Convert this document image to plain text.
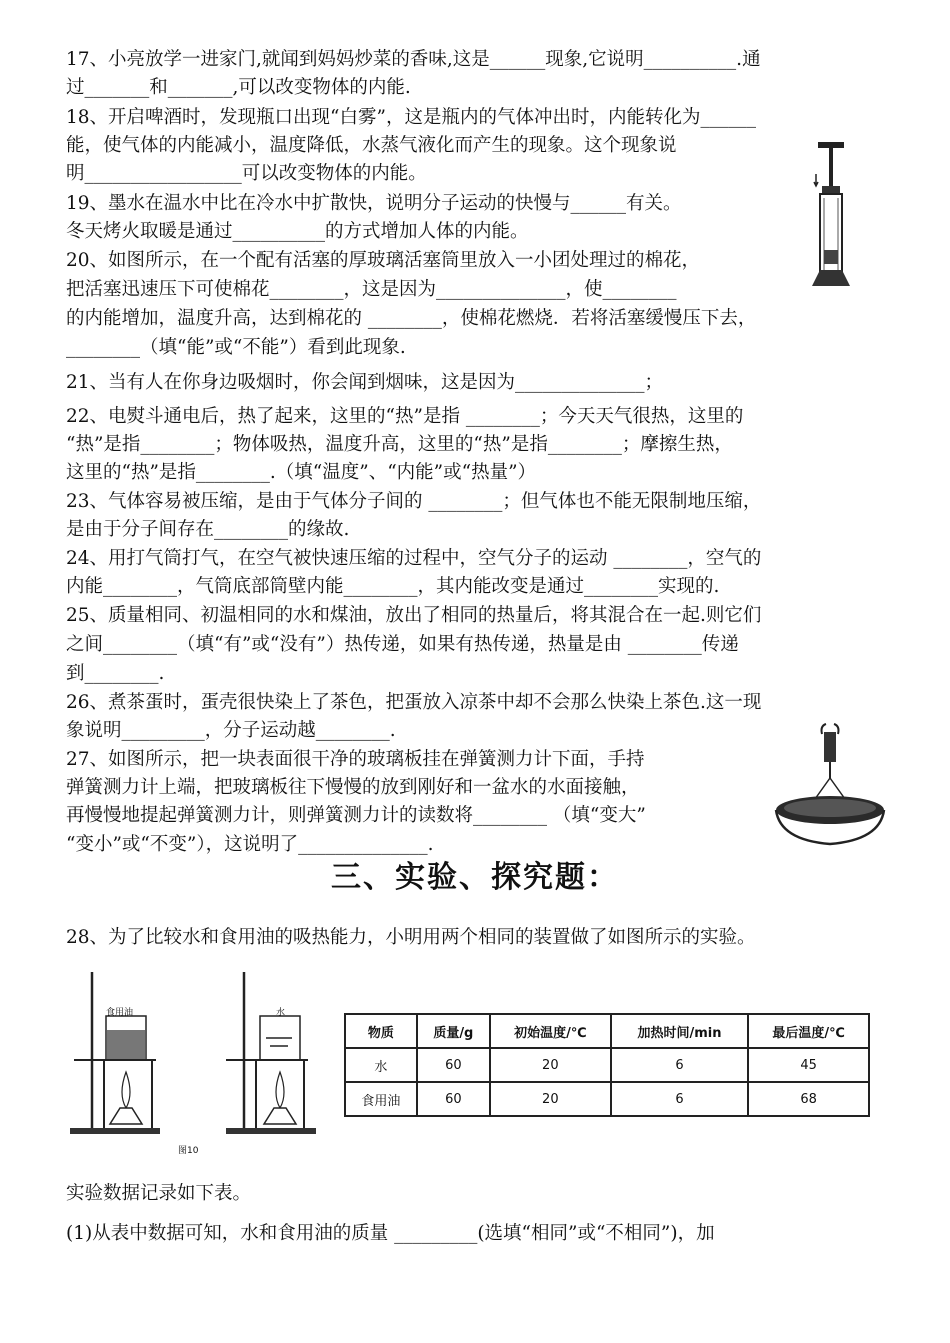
17、小亮放学一进家门,就闻到妈妈炒菜的香味,这是______现象,它说明__________.通
过_______和_______,可以改变物体的内能.
18、开启啤酒时，发现瓶口出现“白雾”，这是瓶内的气体冲出时，内能转化为______
能，使气体的内能减小，温度降低，水蒸气液化而产生的现象。这个现象说
明_________________可以改变物体的内能。
19、墨水在温水中比在冷水中扩散快，说明分子运动的快慢与______有关。
冬天烤火取暖是通过__________的方式增加人体的内能。
20、如图所示，在一个配有活塞的厚玻璃活塞筒里放入一小团处理过的棉花，
把活塞迅速压下可使棉花________，这是因为______________，使________
的内能增加，温度升高，达到棉花的 ________，使棉花燃烧．若将活塞缓慢压下去，
________（填“能”或“不能”）看到此现象.
21、当有人在你身边吸烟时，你会闻到烟味，这是因为______________；
22、电熨斗通电后，热了起来，这里的“热”是指 ________；今天天气很热，这里的
“热”是指________；物体吸热，温度升高，这里的“热”是指________；摩擦生热，
这里的“热”是指________.（填“温度”、“内能”或“热量”）
23、气体容易被压缩，是由于气体分子间的 ________；但气体也不能无限制地压缩，
是由于分子间存在________的缘故.
24、用打气筒打气，在空气被快速压缩的过程中，空气分子的运动 ________，空气的
内能________，气筒底部筒壁内能________，其内能改变是通过________实现的.
25、质量相同、初温相同的水和煤油，放出了相同的热量后，将其混合在一起.则它们
之间________（填“有”或“没有”）热传递，如果有热传递，热量是由 ________传递
到________.
26、煮茶蛋时，蛋壳很快染上了茶色，把蛋放入凉茶中却不会那么快染上茶色.这一现
象说明_________，分子运动越________.
27、如图所示，把一块表面很干净的玻璃板挂在弹簧测力计下面，手持
弹簧测力计上端，把玻璃板往下慢慢的放到刚好和一盆水的水面接触，
再慢慢地提起弹簧测力计，则弹簧测力计的读数将________ （填“变大”
“变小”或“不变”），这说明了______________.
三、实验、探究题：
28、为了比较水和食用油的吸热能力，小明用两个相同的装置做了如图所示的实验。
食用油	水
图10
物质	质量/g	初始温度/℃	加热时间/min	最后温度/℃
水	60	20	6	45
食用油	60	20	6	68
实验数据记录如下表。
(1)从表中数据可知，水和食用油的质量 _________(选填“相同”或“不相同”)，加
